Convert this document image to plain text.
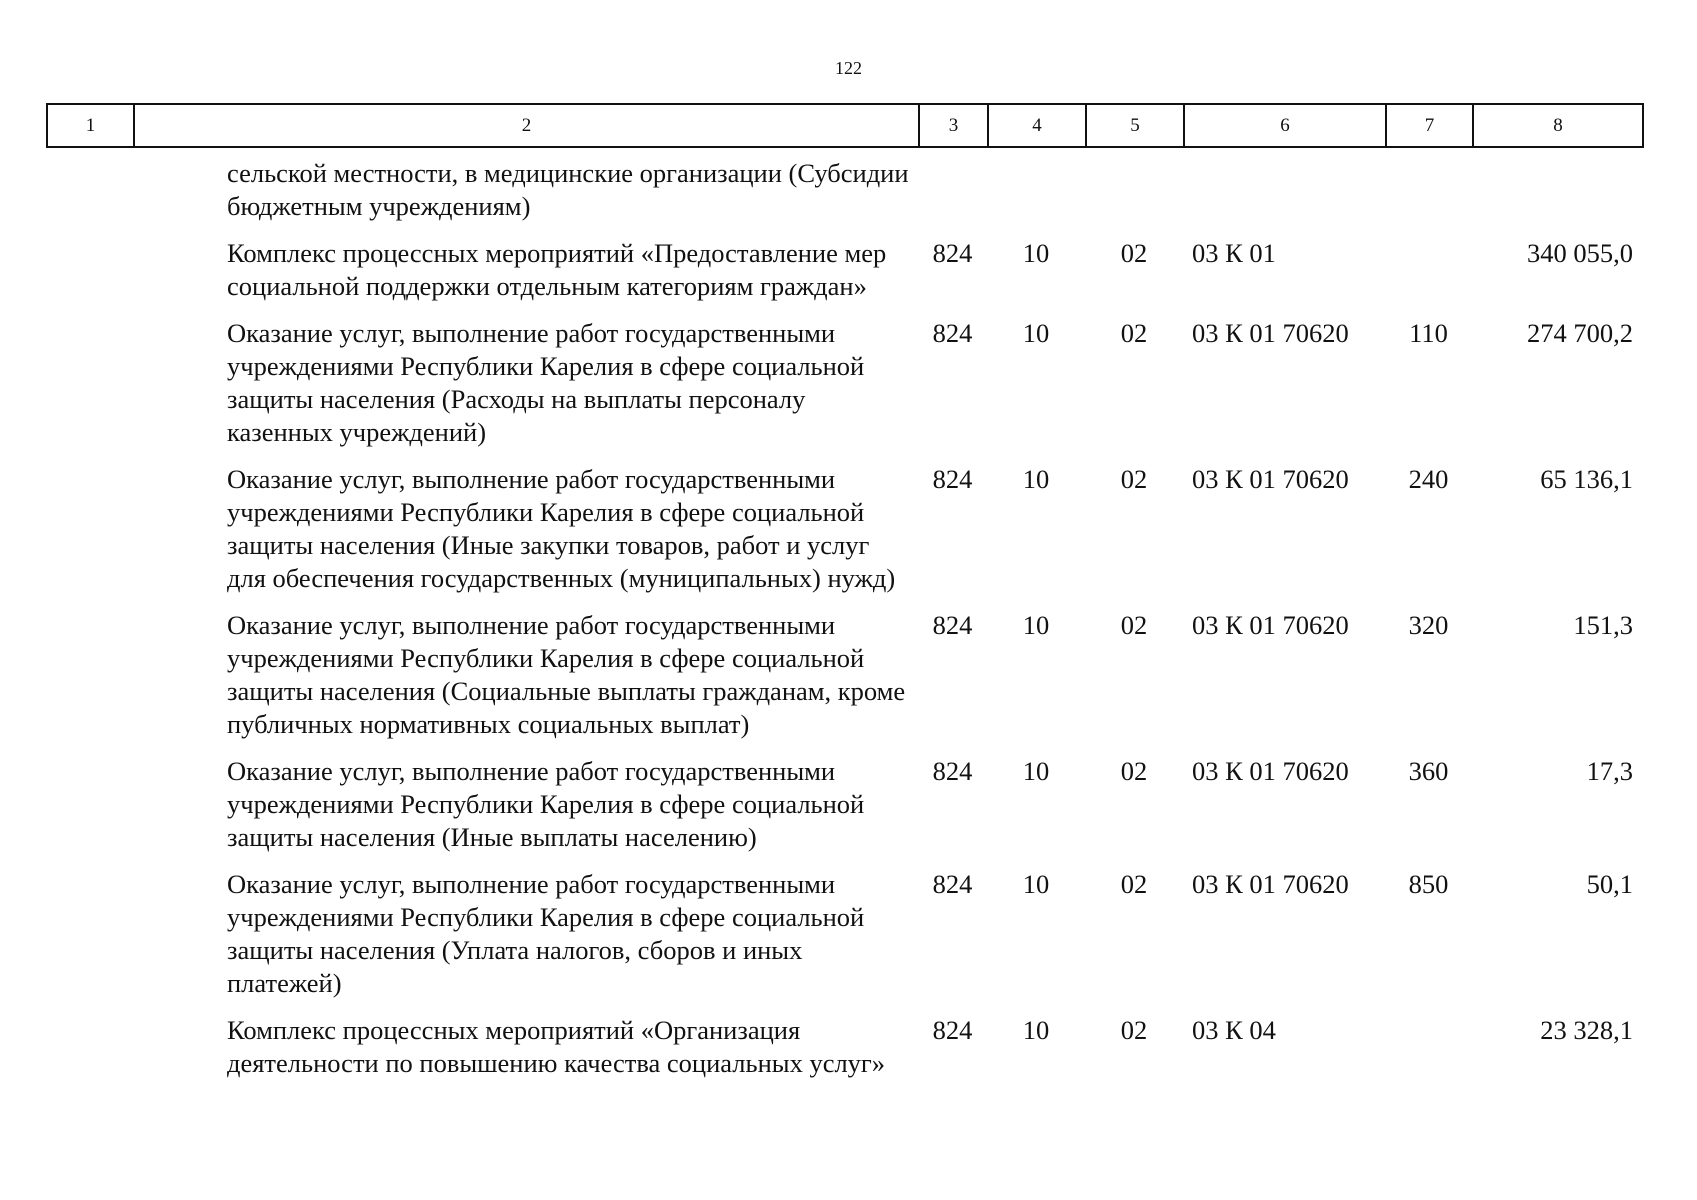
122
1	2	3	4	5	6	7	8
	сельской местности, в медицинские организации (Субсидии бюджетным учреждениям)						
	Комплекс процессных мероприятий «Предоставление мер социальной поддержки отдельным категориям граждан»	824	10	02	03 К 01		340 055,0
	Оказание услуг, выполнение работ государственными учреждениями Республики Карелия в сфере социальной защиты населения (Расходы на выплаты персоналу казенных учреждений)	824	10	02	03 К 01 70620	110	274 700,2
	Оказание услуг, выполнение работ государственными учреждениями Республики Карелия в сфере социальной защиты населения (Иные закупки товаров, работ и услуг для обеспечения государственных (муниципальных) нужд)	824	10	02	03 К 01 70620	240	65 136,1
	Оказание услуг, выполнение работ государственными учреждениями Республики Карелия в сфере социальной защиты населения (Социальные выплаты гражданам, кроме публичных нормативных социальных выплат)	824	10	02	03 К 01 70620	320	151,3
	Оказание услуг, выполнение работ государственными учреждениями Республики Карелия в сфере социальной защиты населения (Иные выплаты населению)	824	10	02	03 К 01 70620	360	17,3
	Оказание услуг, выполнение работ государственными учреждениями Республики Карелия в сфере социальной защиты населения (Уплата налогов, сборов и иных платежей)	824	10	02	03 К 01 70620	850	50,1
	Комплекс процессных мероприятий «Организация деятельности по повышению качества социальных услуг»	824	10	02	03 К 04		23 328,1
